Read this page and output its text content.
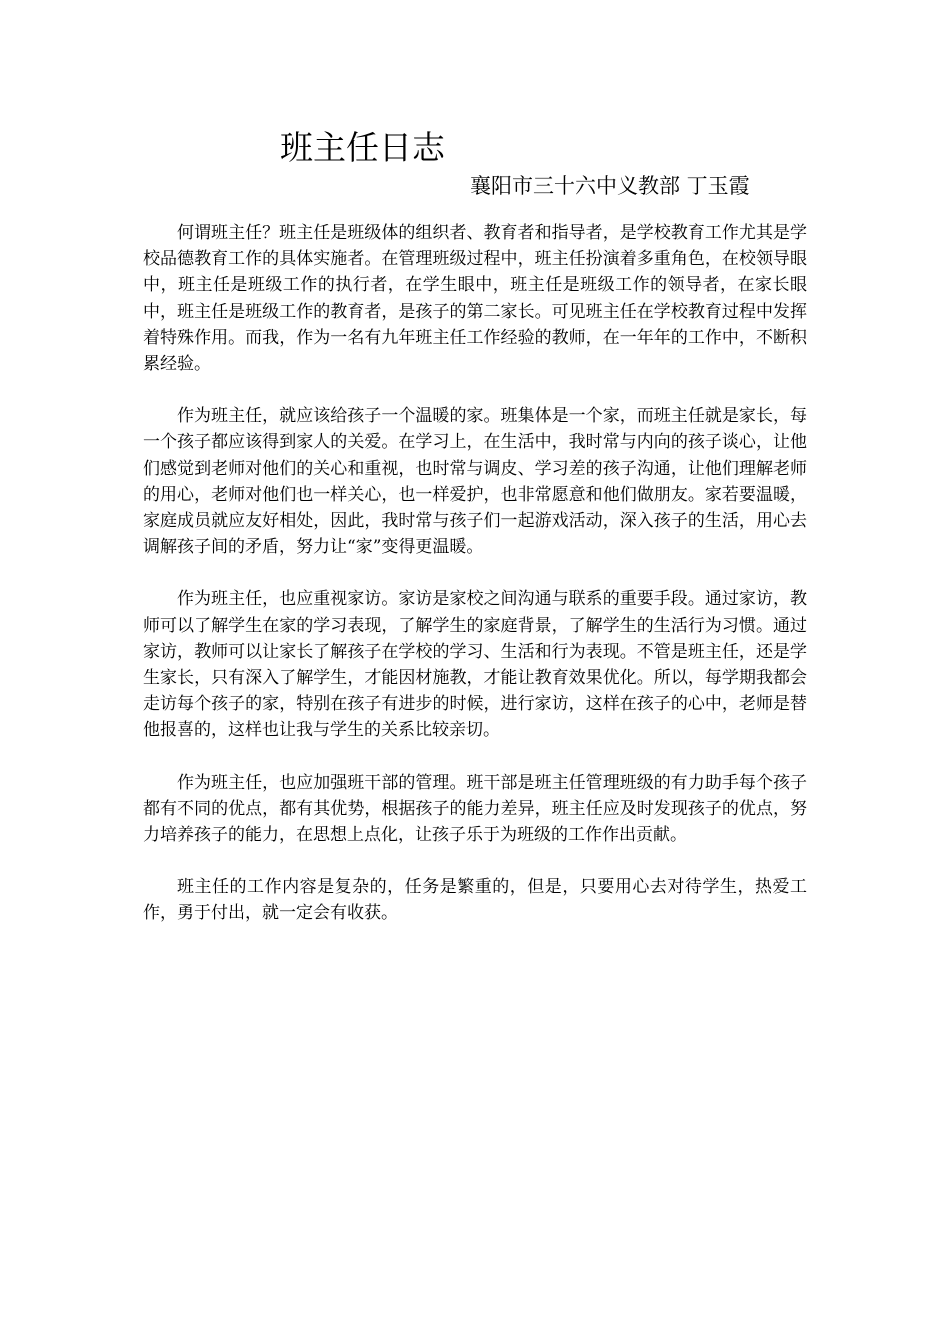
班主任日志
襄阳市三十六中义教部 丁玉霞

何谓班主任？班主任是班级体的组织者、教育者和指导者，是学校教育工作尤其是学校品德教育工作的具体实施者。在管理班级过程中，班主任扮演着多重角色，在校领导眼中，班主任是班级工作的执行者，在学生眼中，班主任是班级工作的领导者，在家长眼中，班主任是班级工作的教育者，是孩子的第二家长。可见班主任在学校教育过程中发挥着特殊作用。而我，作为一名有九年班主任工作经验的教师，在一年年的工作中，不断积累经验。

作为班主任，就应该给孩子一个温暖的家。班集体是一个家，而班主任就是家长，每一个孩子都应该得到家人的关爱。在学习上，在生活中，我时常与内向的孩子谈心，让他们感觉到老师对他们的关心和重视，也时常与调皮、学习差的孩子沟通，让他们理解老师的用心，老师对他们也一样关心，也一样爱护，也非常愿意和他们做朋友。家若要温暖，家庭成员就应友好相处，因此，我时常与孩子们一起游戏活动，深入孩子的生活，用心去调解孩子间的矛盾，努力让“家”变得更温暖。

作为班主任，也应重视家访。家访是家校之间沟通与联系的重要手段。通过家访，教师可以了解学生在家的学习表现，了解学生的家庭背景，了解学生的生活行为习惯。通过家访，教师可以让家长了解孩子在学校的学习、生活和行为表现。不管是班主任，还是学生家长，只有深入了解学生，才能因材施教，才能让教育效果优化。所以，每学期我都会走访每个孩子的家，特别在孩子有进步的时候，进行家访，这样在孩子的心中，老师是替他报喜的，这样也让我与学生的关系比较亲切。

作为班主任，也应加强班干部的管理。班干部是班主任管理班级的有力助手每个孩子都有不同的优点，都有其优势，根据孩子的能力差异，班主任应及时发现孩子的优点，努力培养孩子的能力，在思想上点化，让孩子乐于为班级的工作作出贡献。

班主任的工作内容是复杂的，任务是繁重的，但是，只要用心去对待学生，热爱工作，勇于付出，就一定会有收获。
